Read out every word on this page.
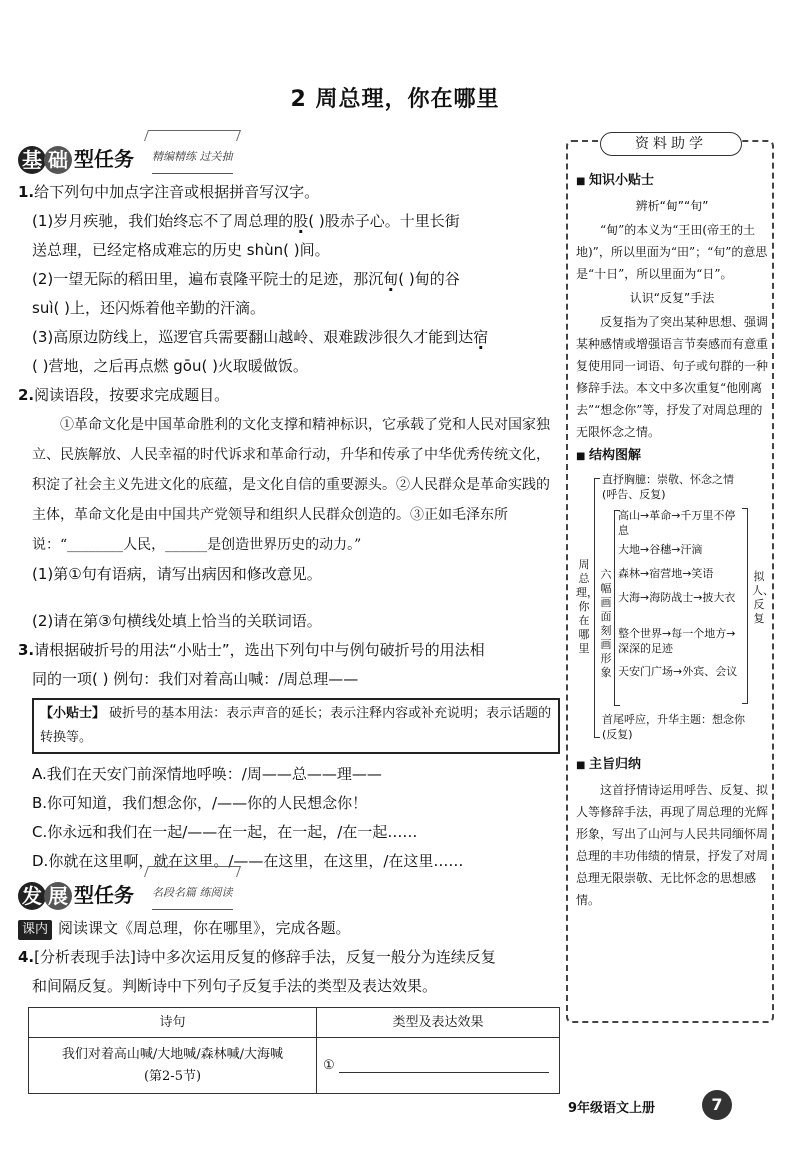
2 周总理，你在哪里
基 础 型任务 精编精练 过关抽
1.给下列句中加点字注音或根据拼音写汉字。
(1)岁月疾驰，我们始终忘不了周总理的股( )股赤子心。十里长街
送总理，已经定格成难忘的历史 shùn( )间。
(2)一望无际的稻田里，遍布袁隆平院士的足迹，那沉甸( )甸的谷
suì( )上，还闪烁着他辛勤的汗滴。
(3)高原边防线上，巡逻官兵需要翻山越岭、艰难跋涉很久才能到达宿
( )营地，之后再点燃 gōu( )火取暖做饭。
2.阅读语段，按要求完成题目。
①革命文化是中国革命胜利的文化支撑和精神标识，它承载了党和人民对国家独立、民族解放、人民幸福的时代诉求和革命行动，升华和传承了中华优秀传统文化，积淀了社会主义先进文化的底蕴，是文化自信的重要源头。②人民群众是革命实践的主体，革命文化是由中国共产党领导和组织人民群众创造的。③正如毛泽东所说：“________人民，______是创造世界历史的动力。”
(1)第①句有语病，请写出病因和修改意见。
(2)请在第③句横线处填上恰当的关联词语。
3.请根据破折号的用法“小贴士”，选出下列句中与例句破折号的用法相
同的一项( ) 例句：我们对着高山喊：/周总理——
【小贴士】 破折号的基本用法：表示声音的延长；表示注释内容或补充说明；表示话题的转换等。
A.我们在天安门前深情地呼唤：/周——总——理——
B.你可知道，我们想念你，/——你的人民想念你！
C.你永远和我们在一起/——在一起，在一起，/在一起……
D.你就在这里啊，就在这里。/——在这里，在这里，/在这里……
发 展 型任务 名段名篇 练阅读
课内 阅读课文《周总理，你在哪里》，完成各题。
4.[分析表现手法]诗中多次运用反复的修辞手法，反复一般分为连续反复
和间隔反复。判断诗中下列句子反复手法的类型及表达效果。
诗句	类型及表达效果

我们对着高山喊/大地喊/森林喊/大海喊
(第2-5节)	①
资料助学
■ 知识小贴士
辨析“甸”“旬”
“甸”的本义为“王田(帝王的土地)”，所以里面为“田”；“旬”的意思是“十日”，所以里面为“日”。
认识“反复”手法
反复指为了突出某种思想、强调某种感情或增强语言节奏感而有意重复使用同一词语、句子或句群的一种修辞手法。本文中多次重复“他刚离去”“想念你”等，抒发了对周总理的无限怀念之情。
■ 结构图解
周总理，你在哪里
直抒胸臆：崇敬、怀念之情(呼告、反复)
六幅画面刻画形象
高山→革命→千万里不停息
大地→谷穗→汗滴
森林→宿营地→笑语
大海→海防战士→披大衣
整个世界→每一个地方→深深的足迹
天安门广场→外宾、会议
拟人、反复
首尾呼应，升华主题：想念你(反复)
■ 主旨归纳
这首抒情诗运用呼告、反复、拟人等修辞手法，再现了周总理的光辉形象，写出了山河与人民共同缅怀周总理的丰功伟绩的情景，抒发了对周总理无限崇敬、无比怀念的思想感情。
9年级语文上册	7
